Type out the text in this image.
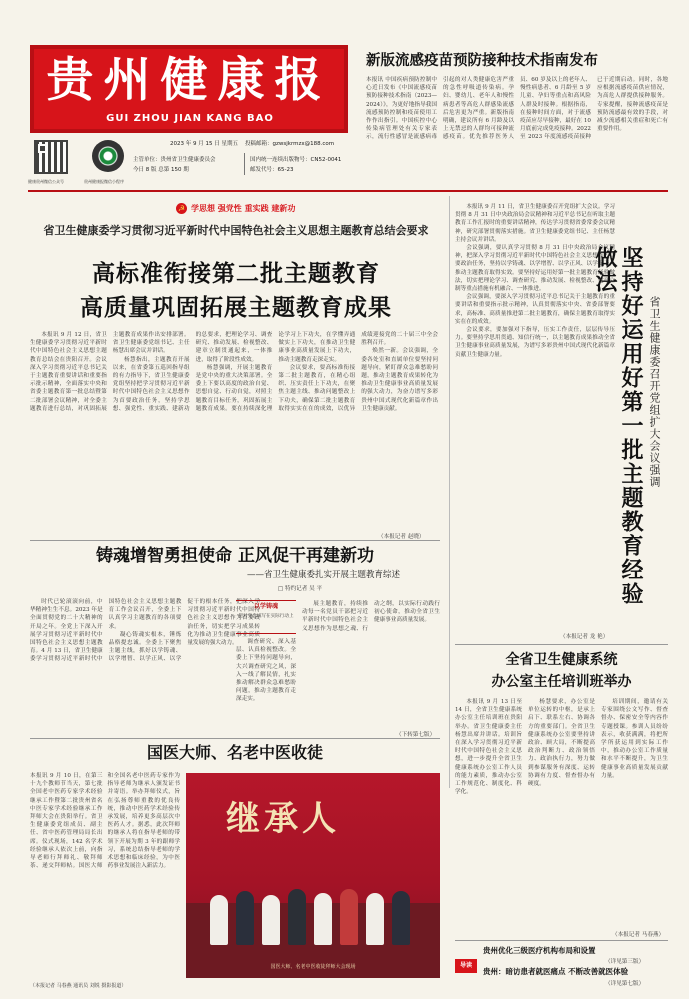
贵州健康报
GUI ZHOU JIAN KANG BAO
健康贵州微信公众号	贵州健康报微信小程序
2023 年 9 月 15 日 星期五 投稿邮箱：gzwsjkrmzx@188.com
主管单位：贵州省卫生健康委员会
今日 8 版 总第 150 期
国内统一连续出版物号：CN52-0041
邮发代号：65-23
新版流感疫苗预防接种技术指南发布
本报讯 中国疾病预防控制中心近日发布《中国流感疫苗预防接种技术指南（2023—2024）》，为更好地指导我国流感预防控制和疫苗使用工作作出指引。中国疾控中心传染病管理处有关专家表示，流行性感冒是流感病毒引起的对人类健康危害严重的急性呼吸道传染病。孕妇、婴幼儿、老年人和慢性病患者等高危人群感染流感后危害更为严重。新版指南明确，建议所有 6 月龄及以上无禁忌的人群均可接种流感疫苗。优先推荐医务人员、60 岁及以上的老年人、慢性病患者、6 月龄至 5 岁儿童、孕妇等重点和高风险人群及时接种。根据指南，在接种时间方面，对于流感疫苗应尽早接种，最好在 10 月底前完成免疫接种。2022 至 2023 年度流感疫苗接种已于近期启动。同时，各地应根据流感疫苗供应情况，为高危人群提供接种服务。专家提醒，接种流感疫苗是预防流感最有效的手段，对减少流感相关重症和死亡有重要作用。
☭ 学思想 强党性 重实践 建新功
省卫生健康委学习贯彻习近平新时代中国特色社会主义思想主题教育总结会要求
高标准衔接第二批主题教育
高质量巩固拓展主题教育成果

本报讯 9 月 12 日，省卫生健康委学习贯彻习近平新时代中国特色社会主义思想主题教育总结会在贵阳召开。会议深入学习贯彻习近平总书记关于主题教育重要讲话和重要指示批示精神，全面落实中央和省委主题教育第一批总结暨第二批部署会议精神，对全委主题教育进行总结，对巩固拓展主题教育成果作出安排部署。省卫生健康委党组书记、主任杨慧出席会议并讲话。

杨慧指出，主题教育开展以来，在省委第五巡回指导组的有力指导下，省卫生健康委党组坚持把学习贯彻习近平新时代中国特色社会主义思想作为首要政治任务，坚持学思想、强党性、重实践、建新功的总要求，把理论学习、调查研究、推动发展、检视整改、建章立制贯通起来，一体推进，取得了阶段性成效。

杨慧强调，开展主题教育是党中央的重大决策部署。全委上下要以高度的政治自觉、思想自觉、行动自觉，对照主题教育目标任务，巩固拓展主题教育成果。要在持续深化理论学习上下功夫，在学懂弄通做实上下功夫，在推动卫生健康事业高质量发展上下功夫，推动主题教育走深走实。

会议要求，要高标准衔接第二批主题教育，在精心组织、压实责任上下功夫，在聚焦主题主线、推动问题整改上下功夫，确保第二批主题教育取得实实在在的成效，以优异成绩迎接党的二十届三中全会胜利召开。

焕然一新。会议强调，全委各处室和直属单位要坚持问题导向，紧盯群众急难愁盼问题，推动主题教育成果转化为推动卫生健康事业高质量发展的强大动力，为奋力谱写多彩贵州中国式现代化新篇章作出卫生健康贡献。

（本报记者 赵晓）
铸魂增智勇担使命 正风促干再建新功
——省卫生健康委扎实开展主题教育综述
□ 特约记者 吴 平

时代已轮滚滚向前，中华精神生生不息。2023 年是全面贯彻党的二十大精神的开局之年。全党上下深入开展学习贯彻习近平新时代中国特色社会主义思想主题教育。4 月 13 日，省卫生健康委学习贯彻习近平新时代中国特色社会主义思想主题教育工作会议召开，全委上下认真学习主题教育的各项要求。

凝心铸魂实根本，锤炼品格提忠诚。全委上下聚焦主题主线，抓好以学铸魂、以学增智、以学正风、以学促干的根本任务，把深入学习贯彻习近平新时代中国特色社会主义思想作为首要政治任务，切实把学习成果转化为推动卫生健康事业高质量发展的强大动力。

以学铸魂
把对党忠诚写在实际行动上

调查研究、深入基层、认真检视整改。全委上下坚持问题导向，大兴调查研究之风，深入一线了解民情，扎实推动解决群众急难愁盼问题，推动主题教育走深走实。

展主题教育，持续推动每一名党员干部把习近平新时代中国特色社会主义思想作为思想之魂、行动之纲，以实际行动践行初心使命，推动全省卫生健康事业高质量发展。

（下转第七版）
国医大师、名老中医收徒
本报讯 9 月 10 日，在第三十九个教师节当天，第七批全国老中医药专家学术经验继承工作暨第二批贵州省名中医专家学术经验继承工作拜师大会在贵阳举行。省卫生健康委党组成员、副主任、省中医药管理局局长出席。仪式现场，142 名学术经验继承人依次上前，向指导老师行拜师礼、敬拜师茶、递交拜师帖。国医大师和全国名老中医药专家作为指导老师为继承人颁发证书并寄语。举办拜师仪式，旨在弘扬尊师重教的优良传统，推动中医药学术经验传承发展，培养更多高层次中医药人才。据悉，此次拜师的继承人将在指导老师的带领下开展为期 3 年的跟师学习，系统总结指导老师的学术思想和临床经验，为中医药事业发展注入新活力。
（本报记者 马春燕 通讯员 刘锐 摄影报道）
继承人
国医大师、名老中医收徒拜师大会现场

本报讯 9 月 11 日，省卫生健康委召开党组扩大会议。学习贯彻 8 月 31 日中央政治局会议精神和习近平总书记在听取主题教育工作汇报时的重要讲话精神，传达学习贯彻省委常委会议精神，研究部署贯彻落实措施。省卫生健康委党组书记、主任杨慧主持会议并讲话。

会议强调，要认真学习贯彻 8 月 31 日中央政治局会议精神，把深入学习贯彻习近平新时代中国特色社会主义思想作为首要政治任务，坚持以学铸魂、以学增智、以学正风、以学促干，推动主题教育取得实效。要坚持好运用好第一批主题教育经验做法，切实把理论学习、调查研究、推动发展、检视整改、建章立制等重点措施有机融合、一体推进。

会议强调，要深入学习贯彻习近平总书记关于主题教育的重要讲话和重要指示批示精神，认真贯彻落实中央、省委部署要求，高标准、高质量推进第二批主题教育，确保主题教育取得实实在在的成效。

会议要求，要加强对下指导，压实工作责任，层层传导压力。要坚持学思用贯通、知信行统一，以主题教育成果推动全省卫生健康事业高质量发展，为谱写多彩贵州中国式现代化新篇章贡献卫生健康力量。

（本报记者 龙 艳）
坚持好运用好第一批主题教育经验做法
省卫生健康委召开党组扩大会议强调
全省卫生健康系统
办公室主任培训班举办

本报讯 9 月 13 日至 14 日，全省卫生健康系统办公室主任培训班在贵阳举办。省卫生健康委主任杨慧出席并讲话。培训旨在深入学习贯彻习近平新时代中国特色社会主义思想，进一步提升全省卫生健康系统办公室工作人员的能力素质，推动办公室工作规范化、制度化、科学化。

杨慧要求，办公室是单位运转的中枢，是承上启下、联系左右、协调各方的重要部门。全省卫生健康系统办公室要坚持讲政治、顾大局，不断提高政治判断力、政治领悟力、政治执行力，努力做到参谋服务有深度、运转协调有力度、督查督办有硬度。

培训期间，邀请有关专家围绕公文写作、督查督办、保密安全等内容作专题授课。参训人员纷纷表示，收获满满，将把所学所获运用到实际工作中，推动办公室工作质量和水平不断提升，为卫生健康事业高质量发展贡献力量。

（本报记者 马春燕）
导读
贵州优化三级医疗机构布局和设置
（详见第三版）
贵州：暗访患者就医痛点 不断改善就医体验
（详见第七版）
